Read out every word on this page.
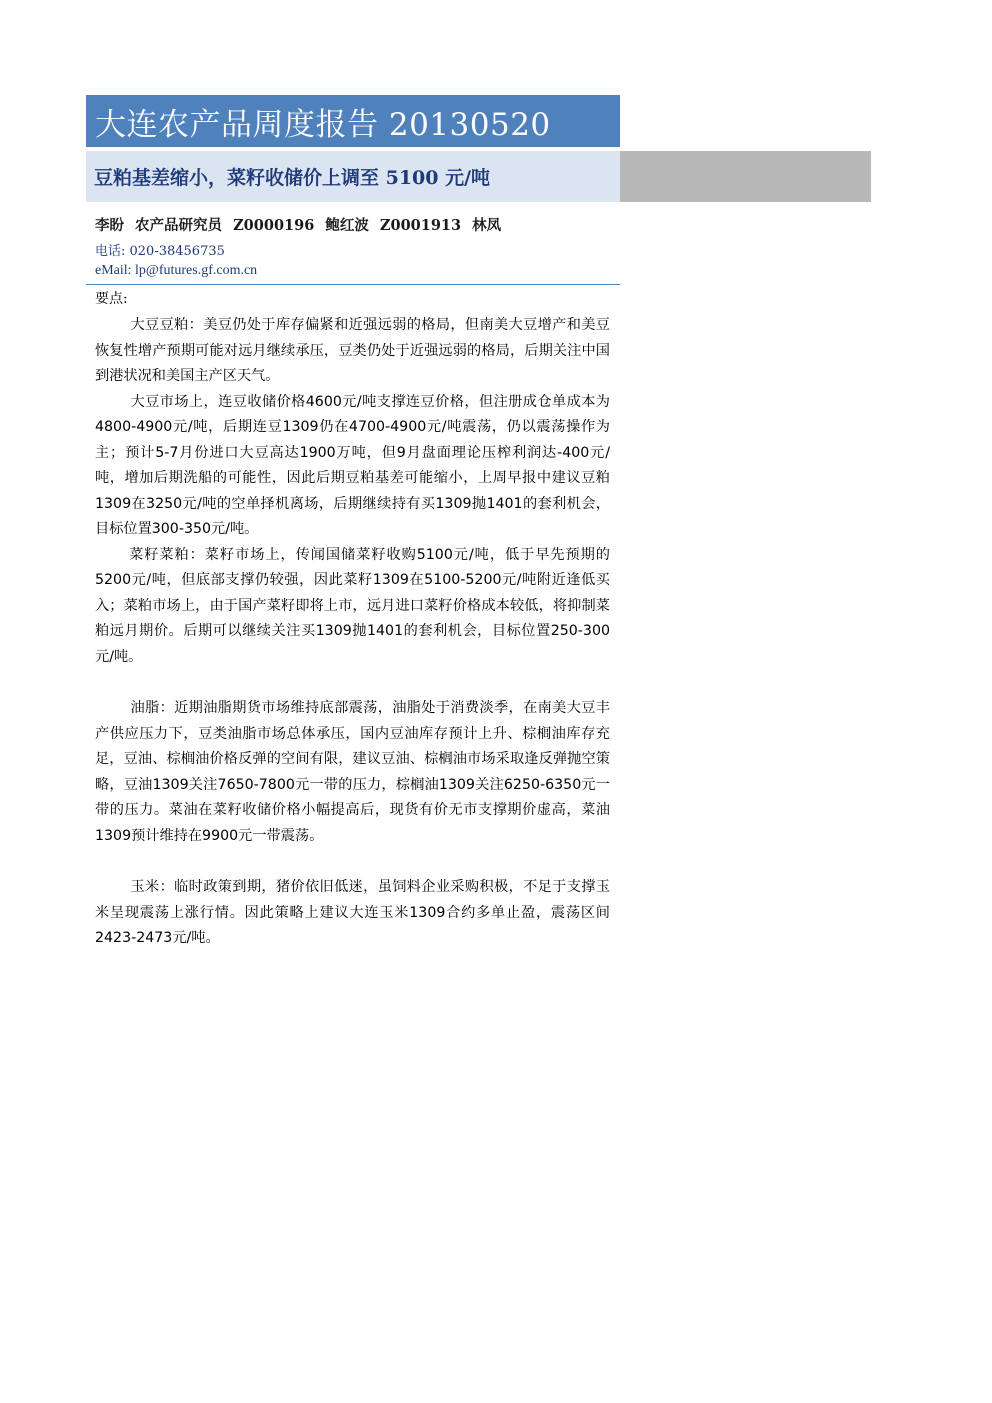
大连农产品周度报告 20130520
豆粕基差缩小，菜籽收储价上调至 5100 元/吨
李盼 农产品研究员 Z0000196 鲍红波 Z0001913 林凤
电话: 020-38456735
eMail: lp@futures.gf.com.cn
要点:

大豆豆粕：美豆仍处于库存偏紧和近强远弱的格局，但南美大豆增产和美豆恢复性增产预期可能对远月继续承压，豆类仍处于近强远弱的格局，后期关注中国到港状况和美国主产区天气。

大豆市场上，连豆收储价格4600元/吨支撑连豆价格，但注册成仓单成本为4800-4900元/吨，后期连豆1309仍在4700-4900元/吨震荡，仍以震荡操作为主；预计5-7月份进口大豆高达1900万吨，但9月盘面理论压榨利润达-400元/吨，增加后期洗船的可能性，因此后期豆粕基差可能缩小，上周早报中建议豆粕1309在3250元/吨的空单择机离场，后期继续持有买1309抛1401的套利机会，目标位置300-350元/吨。

菜籽菜粕：菜籽市场上，传闻国储菜籽收购5100元/吨，低于早先预期的5200元/吨，但底部支撑仍较强，因此菜籽1309在5100-5200元/吨附近逢低买入；菜粕市场上，由于国产菜籽即将上市，远月进口菜籽价格成本较低，将抑制菜粕远月期价。后期可以继续关注买1309抛1401的套利机会，目标位置250-300元/吨。

油脂：近期油脂期货市场维持底部震荡，油脂处于消费淡季，在南美大豆丰产供应压力下，豆类油脂市场总体承压，国内豆油库存预计上升、棕榈油库存充足，豆油、棕榈油价格反弹的空间有限，建议豆油、棕榈油市场采取逢反弹抛空策略，豆油1309关注7650-7800元一带的压力，棕榈油1309关注6250-6350元一带的压力。菜油在菜籽收储价格小幅提高后，现货有价无市支撑期价虚高，菜油1309预计维持在9900元一带震荡。

玉米：临时政策到期，猪价依旧低迷，虽饲料企业采购积极，不足于支撑玉米呈现震荡上涨行情。因此策略上建议大连玉米1309合约多单止盈，震荡区间2423-2473元/吨。
